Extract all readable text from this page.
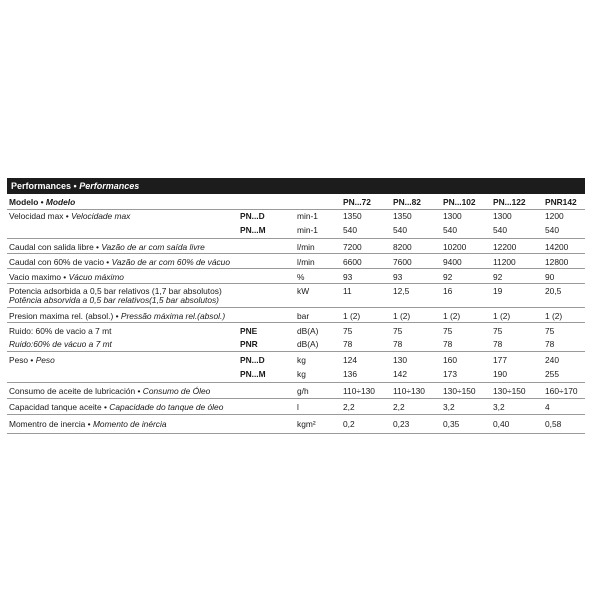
Performances • Performances
Modelo • Modelo	PN...72	PN...82	PN...102 PN...122 PNR142
Velocidad max • Velocidade max	PN...D	min-1	1350	1350	1300	1300	1200
PN...M	min-1	540	540	540	540	540
Caudal con salida libre • Vazão de ar com saída livre	l/min	7200	8200	10200	12200	14200
Caudal con 60% de vacio • Vazão de ar com 60% de vácuo	l/min	6600	7600	9400	11200	12800
Vacio maximo • Vácuo máximo	%	93	93	92	92	90
Potencia adsorbida a 0,5 bar relativos (1,7 bar absolutos)
Potência absorvida a 0,5 bar relativos(1,5 bar absolutos)
kW	11	12,5	16	19	20,5
Presion maxima rel. (absol.) • Pressão máxima rel.(absol.)	bar	1 (2)	1 (2)	1 (2)	1 (2)	1 (2)
Ruido: 60% de vacio a 7 mt	PNE	dB(A)	75	75	75	75	75
Ruido:60% de vácuo a 7 mt	PNR	dB(A)	78	78	78	78	78
Peso • Peso	PN...D	kg	124	130	160	177	240
PN...M	kg	136	142	173	190	255
Consumo de aceite de lubricación • Consumo de Óleo	g/h	110÷130 110÷130 130÷150 130÷150 160÷170
Capacidad tanque aceite • Capacidade do tanque de óleo	l	2,2	2,2	3,2	3,2	4
Momentro de inercia • Momento de inércia	kgm²	0,2	0,23	0,35	0,40	0,58
